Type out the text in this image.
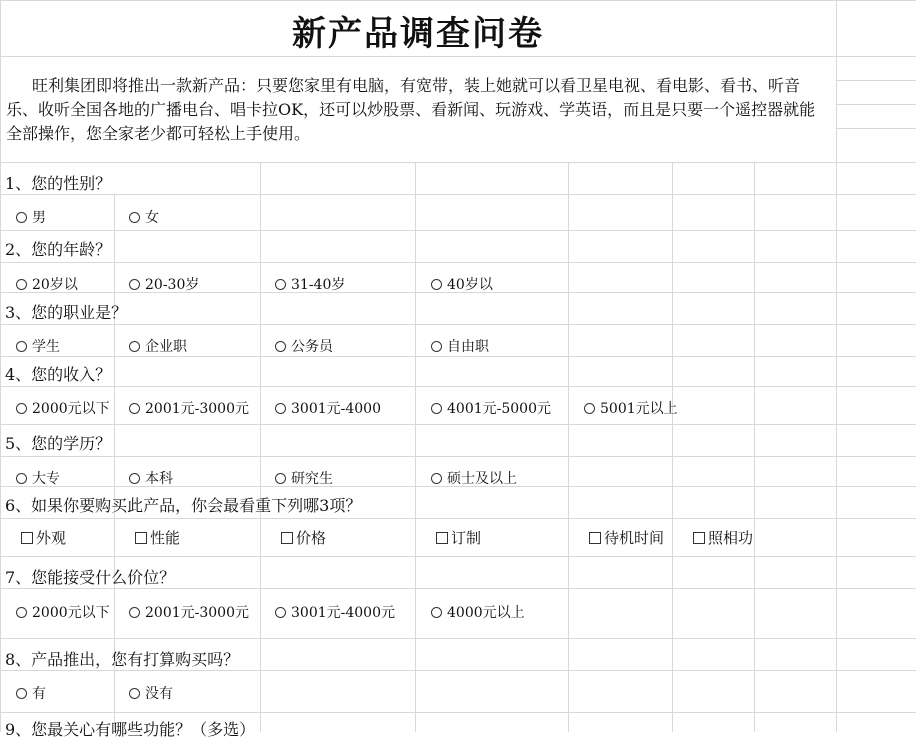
新产品调查问卷
旺利集团即将推出一款新产品：只要您家里有电脑，有宽带，装上她就可以看卫星电视、看电影、看书、听音乐、收听全国各地的广播电台、唱卡拉OK，还可以炒股票、看新闻、玩游戏、学英语，而且是只要一个遥控器就能全部操作，您全家老少都可轻松上手使用。
1、您的性别？
男	女
2、您的年龄？
20岁以	20-30岁	31-40岁	40岁以
3、您的职业是？
学生	企业职	公务员	自由职
4、您的收入？
2000元以下	2001元-3000元	3001元-4000	4001元-5000元	5001元以上
5、您的学历？
大专	本科	研究生	硕士及以上
6、如果你要购买此产品，你会最看重下列哪3项？
外观	性能	价格	订制	待机时间	照相功
7、您能接受什么价位？
2000元以下	2001元-3000元	3001元-4000元	4000元以上
8、产品推出，您有打算购买吗？
有	没有
9、您最关心有哪些功能？（多选）
